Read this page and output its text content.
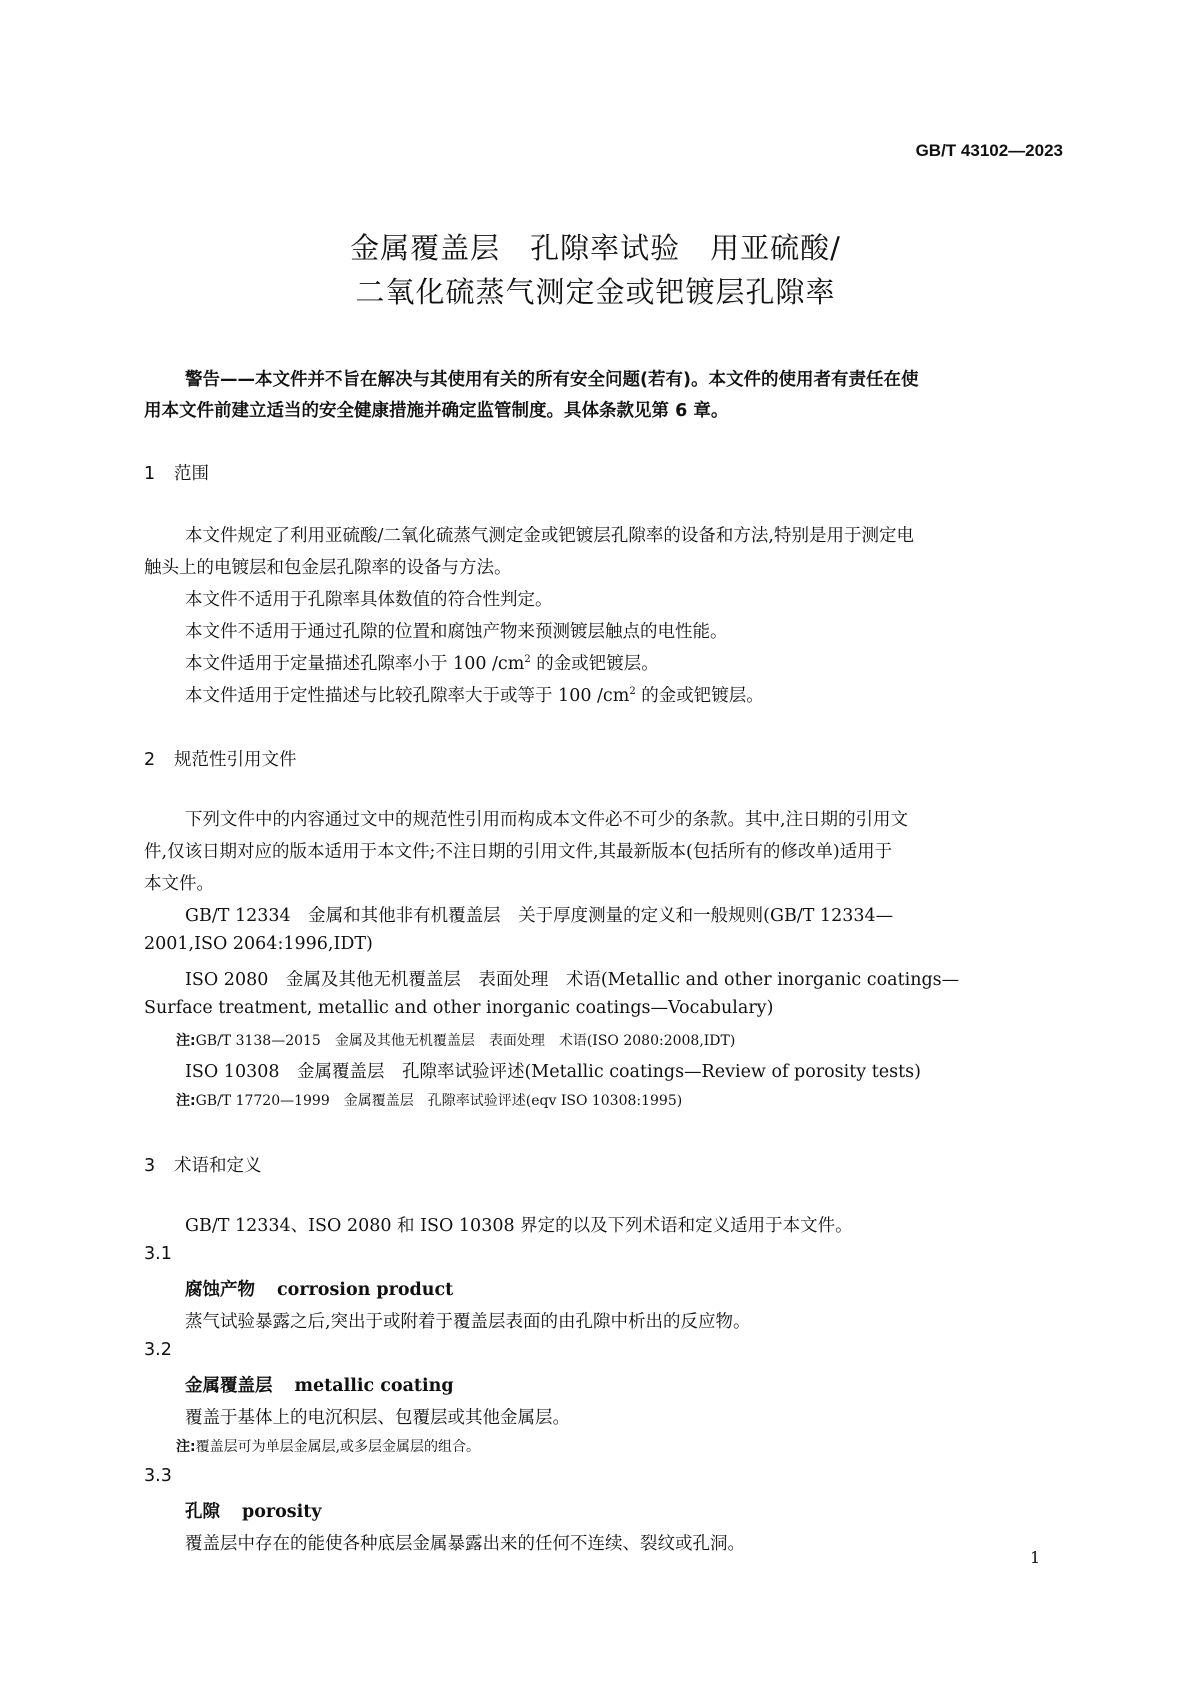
GB/T 43102—2023
金属覆盖层　孔隙率试验　用亚硫酸/
二氧化硫蒸气测定金或钯镀层孔隙率
警告——本文件并不旨在解决与其使用有关的所有安全问题(若有)。本文件的使用者有责任在使
用本文件前建立适当的安全健康措施并确定监管制度。具体条款见第 6 章。
1 范围
本文件规定了利用亚硫酸/二氧化硫蒸气测定金或钯镀层孔隙率的设备和方法,特别是用于测定电
触头上的电镀层和包金层孔隙率的设备与方法。
本文件不适用于孔隙率具体数值的符合性判定。
本文件不适用于通过孔隙的位置和腐蚀产物来预测镀层触点的电性能。
本文件适用于定量描述孔隙率小于 100 $/cm^2$ 的金或钯镀层。
本文件适用于定性描述与比较孔隙率大于或等于 100 $/cm^2$ 的金或钯镀层。
2 规范性引用文件
下列文件中的内容通过文中的规范性引用而构成本文件必不可少的条款。其中,注日期的引用文
件,仅该日期对应的版本适用于本文件;不注日期的引用文件,其最新版本(包括所有的修改单)适用于
本文件。
GB/T 12334　金属和其他非有机覆盖层　关于厚度测量的定义和一般规则(GB/T 12334—
2001,ISO 2064:1996,IDT)
ISO 2080　金属及其他无机覆盖层　表面处理　术语(Metallic and other inorganic coatings—
Surface treatment, metallic and other inorganic coatings—Vocabulary)
注:GB/T 3138—2015　金属及其他无机覆盖层　表面处理　术语(ISO 2080:2008,IDT)
ISO 10308　金属覆盖层　孔隙率试验评述(Metallic coatings—Review of porosity tests)
注:GB/T 17720—1999　金属覆盖层　孔隙率试验评述(eqv ISO 10308:1995)
3 术语和定义
GB/T 12334、ISO 2080 和 ISO 10308 界定的以及下列术语和定义适用于本文件。
3.1
腐蚀产物 corrosion product
蒸气试验暴露之后,突出于或附着于覆盖层表面的由孔隙中析出的反应物。
3.2
金属覆盖层 metallic coating
覆盖于基体上的电沉积层、包覆层或其他金属层。
注:覆盖层可为单层金属层,或多层金属层的组合。
3.3
孔隙 porosity
覆盖层中存在的能使各种底层金属暴露出来的任何不连续、裂纹或孔洞。
1
